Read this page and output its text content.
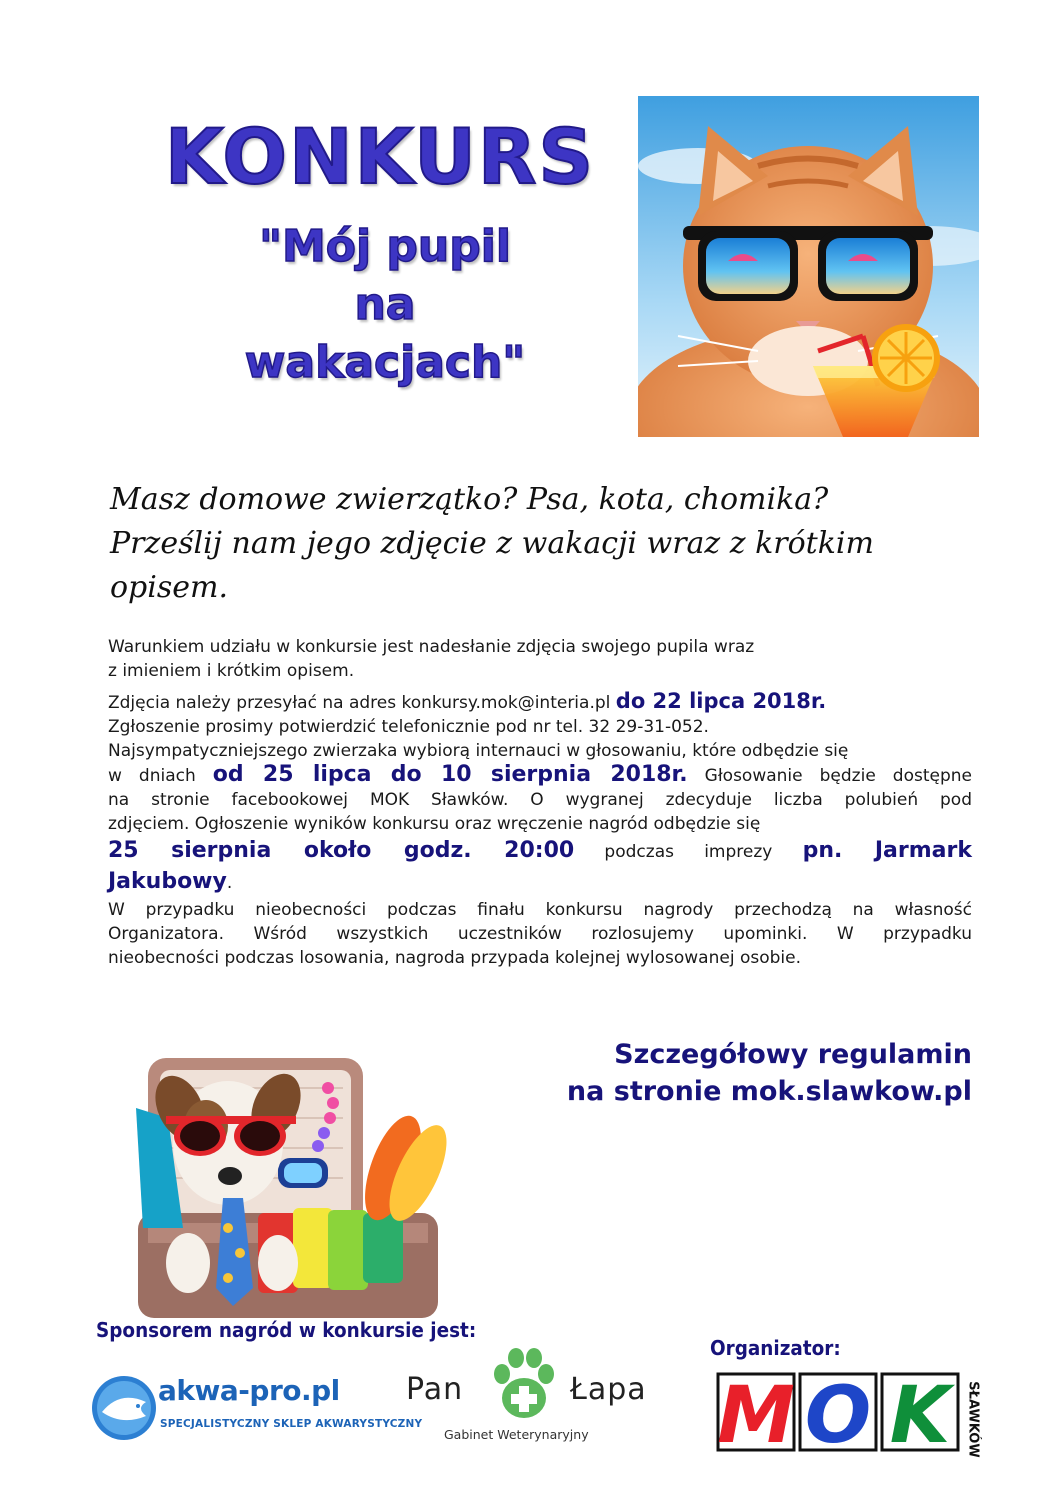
KONKURS
"Mój pupil
na
wakacjach"
Masz domowe zwierzątko? Psa, kota, chomika?
Prześlij nam jego zdjęcie z wakacji wraz z krótkim
opisem.

Warunkiem udziału w konkursie jest nadesłanie zdjęcia swojego pupila wraz

z imieniem i krótkim opisem.

Zdjęcia należy przesyłać na adres konkursy.mok@interia.pl do 22 lipca 2018r.

Zgłoszenie prosimy potwierdzić telefonicznie pod nr tel. 32 29-31-052.

Najsympatyczniejszego zwierzaka wybiorą internauci w głosowaniu, które odbędzie się

w dniach od 25 lipca do 10 sierpnia 2018r. Głosowanie będzie dostępne

na stronie facebookowej MOK Sławków. O wygranej zdecyduje liczba polubień pod

zdjęciem. Ogłoszenie wyników konkursu oraz wręczenie nagród odbędzie się

25 sierpnia około godz. 20:00 podczas imprezy pn. Jarmark

Jakubowy.

W przypadku nieobecności podczas finału konkursu nagrody przechodzą na własność

Organizatora. Wśród wszystkich uczestników rozlosujemy upominki. W przypadku

nieobecności podczas losowania, nagroda przypada kolejnej wylosowanej osobie.

Szczegółowy regulamin
na stronie mok.slawkow.pl
Sponsorem nagród w konkursie jest:
Organizator:
akwa-pro.pl
SPECJALISTYCZNY SKLEP AKWARYSTYCZNY
Pan	Łapa
Gabinet Weterynaryjny M O K	SŁAWKÓW
